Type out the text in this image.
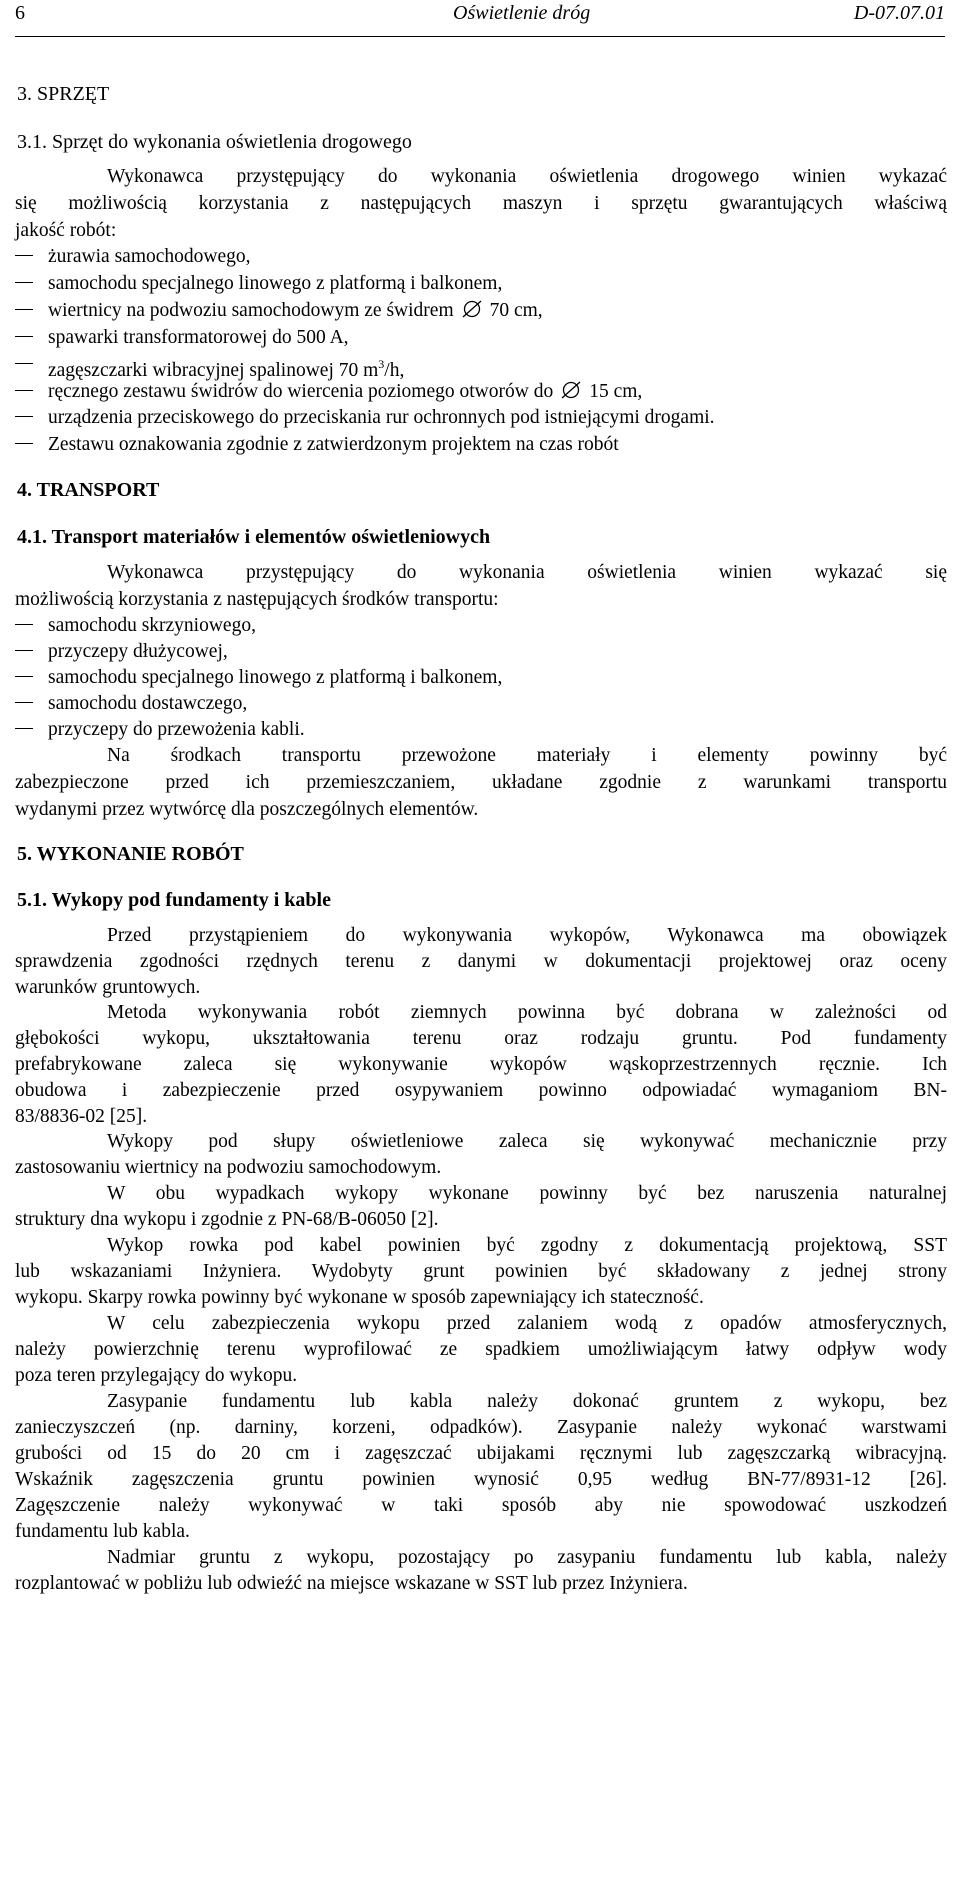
6	Oświetlenie dróg	D-07.07.01
3. SPRZĘT
3.1. Sprzęt do wykonania oświetlenia drogowego
Wykonawca przystępujący do wykonania oświetlenia drogowego winien wykazać
się możliwością korzystania z następujących maszyn i sprzętu gwarantujących właściwą
jakość robót:
żurawia samochodowego,
samochodu specjalnego linowego z platformą i balkonem,
wiertnicy na podwoziu samochodowym ze świdrem 70 cm,
spawarki transformatorowej do 500 A,
zagęszczarki wibracyjnej spalinowej 70 $m^3/h$,
ręcznego zestawu świdrów do wiercenia poziomego otworów do 15 cm,
urządzenia przeciskowego do przeciskania rur ochronnych pod istniejącymi drogami.
Zestawu oznakowania zgodnie z zatwierdzonym projektem na czas robót
4. TRANSPORT
4.1. Transport materiałów i elementów oświetleniowych
Wykonawca przystępujący do wykonania oświetlenia winien wykazać się
możliwością korzystania z następujących środków transportu:
samochodu skrzyniowego,
przyczepy dłużycowej,
samochodu specjalnego linowego z platformą i balkonem,
samochodu dostawczego,
przyczepy do przewożenia kabli.
Na środkach transportu przewożone materiały i elementy powinny być
zabezpieczone przed ich przemieszczaniem, układane zgodnie z warunkami transportu
wydanymi przez wytwórcę dla poszczególnych elementów.
5. WYKONANIE ROBÓT
5.1. Wykopy pod fundamenty i kable
Przed przystąpieniem do wykonywania wykopów, Wykonawca ma obowiązek
sprawdzenia zgodności rzędnych terenu z danymi w dokumentacji projektowej oraz oceny
warunków gruntowych.
Metoda wykonywania robót ziemnych powinna być dobrana w zależności od
głębokości wykopu, ukształtowania terenu oraz rodzaju gruntu. Pod fundamenty
prefabrykowane zaleca się wykonywanie wykopów wąskoprzestrzennych ręcznie. Ich
obudowa i zabezpieczenie przed osypywaniem powinno odpowiadać wymaganiom BN-
83/8836-02 [25].
Wykopy pod słupy oświetleniowe zaleca się wykonywać mechanicznie przy
zastosowaniu wiertnicy na podwoziu samochodowym.
W obu wypadkach wykopy wykonane powinny być bez naruszenia naturalnej
struktury dna wykopu i zgodnie z PN-68/B-06050 [2].
Wykop rowka pod kabel powinien być zgodny z dokumentacją projektową, SST
lub wskazaniami Inżyniera. Wydobyty grunt powinien być składowany z jednej strony
wykopu. Skarpy rowka powinny być wykonane w sposób zapewniający ich stateczność.
W celu zabezpieczenia wykopu przed zalaniem wodą z opadów atmosferycznych,
należy powierzchnię terenu wyprofilować ze spadkiem umożliwiającym łatwy odpływ wody
poza teren przylegający do wykopu.
Zasypanie fundamentu lub kabla należy dokonać gruntem z wykopu, bez
zanieczyszczeń (np. darniny, korzeni, odpadków). Zasypanie należy wykonać warstwami
grubości od 15 do 20 cm i zagęszczać ubijakami ręcznymi lub zagęszczarką wibracyjną.
Wskaźnik zagęszczenia gruntu powinien wynosić 0,95 według BN-77/8931-12 [26].
Zagęszczenie należy wykonywać w taki sposób aby nie spowodować uszkodzeń
fundamentu lub kabla.
Nadmiar gruntu z wykopu, pozostający po zasypaniu fundamentu lub kabla, należy
rozplantować w pobliżu lub odwieźć na miejsce wskazane w SST lub przez Inżyniera.
